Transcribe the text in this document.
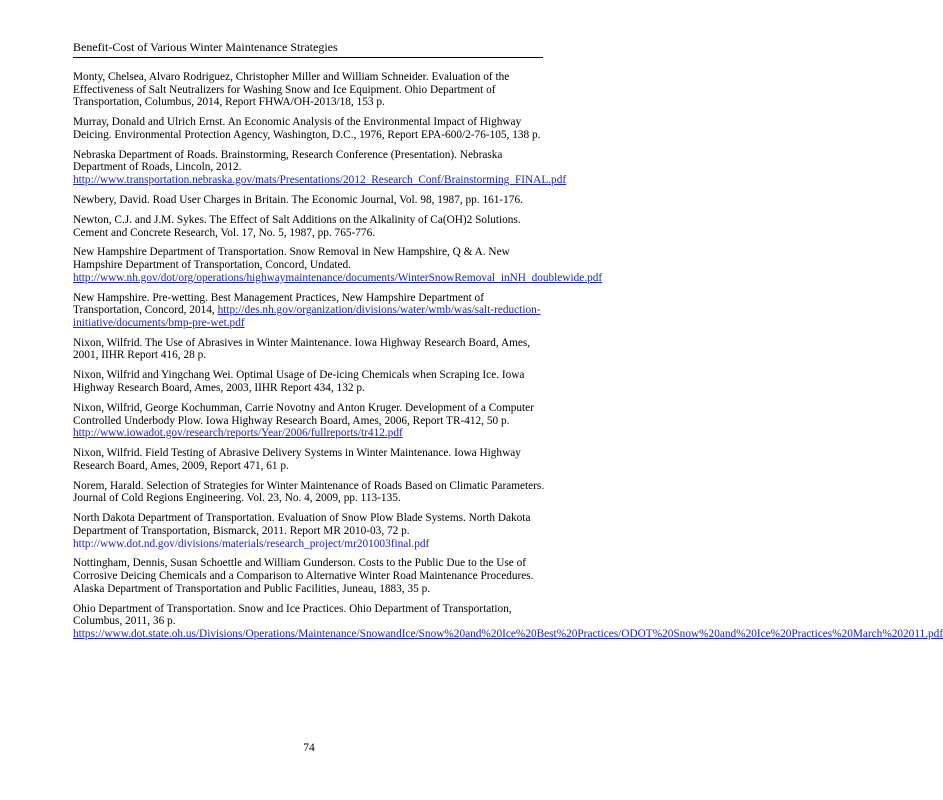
Benefit-Cost of Various Winter Maintenance Strategies

Monty, Chelsea, Alvaro Rodriguez, Christopher Miller and William Schneider. Evaluation of the Effectiveness of Salt Neutralizers for Washing Snow and Ice Equipment. Ohio Department of Transportation, Columbus, 2014, Report FHWA/OH-2013/18, 153 p.

Murray, Donald and Ulrich Ernst. An Economic Analysis of the Environmental Impact of Highway Deicing. Environmental Protection Agency, Washington, D.C., 1976, Report EPA-600/2-76-105, 138 p.

Nebraska Department of Roads. Brainstorming, Research Conference (Presentation). Nebraska Department of Roads, Lincoln, 2012. http://www.transportation.nebraska.gov/mats/Presentations/2012_Research_Conf/Brainstorming_FINAL.pdf

Newbery, David. Road User Charges in Britain. The Economic Journal, Vol. 98, 1987, pp. 161-176.

Newton, C.J. and J.M. Sykes. The Effect of Salt Additions on the Alkalinity of Ca(OH)2 Solutions. Cement and Concrete Research, Vol. 17, No. 5, 1987, pp. 765-776.

New Hampshire Department of Transportation. Snow Removal in New Hampshire, Q & A. New Hampshire Department of Transportation, Concord, Undated. http://www.nh.gov/dot/org/operations/highwaymaintenance/documents/WinterSnowRemoval_inNH_doublewide.pdf

New Hampshire. Pre-wetting. Best Management Practices, New Hampshire Department of Transportation, Concord, 2014, http://des.nh.gov/organization/divisions/water/wmb/was/salt-reduction-initiative/documents/bmp-pre-wet.pdf

Nixon, Wilfrid. The Use of Abrasives in Winter Maintenance. Iowa Highway Research Board, Ames, 2001, IIHR Report 416, 28 p.

Nixon, Wilfrid and Yingchang Wei. Optimal Usage of De-icing Chemicals when Scraping Ice. Iowa Highway Research Board, Ames, 2003, IIHR Report 434, 132 p.

Nixon, Wilfrid, George Kochumman, Carrie Novotny and Anton Kruger. Development of a Computer Controlled Underbody Plow. Iowa Highway Research Board, Ames, 2006, Report TR-412, 50 p. http://www.iowadot.gov/research/reports/Year/2006/fullreports/tr412.pdf

Nixon, Wilfrid. Field Testing of Abrasive Delivery Systems in Winter Maintenance. Iowa Highway Research Board, Ames, 2009, Report 471, 61 p.

Norem, Harald. Selection of Strategies for Winter Maintenance of Roads Based on Climatic Parameters. Journal of Cold Regions Engineering. Vol. 23, No. 4, 2009, pp. 113-135.

North Dakota Department of Transportation. Evaluation of Snow Plow Blade Systems. North Dakota Department of Transportation, Bismarck, 2011. Report MR 2010-03, 72 p. http://www.dot.nd.gov/divisions/materials/research_project/mr201003final.pdf

Nottingham, Dennis, Susan Schoettle and William Gunderson. Costs to the Public Due to the Use of Corrosive Deicing Chemicals and a Comparison to Alternative Winter Road Maintenance Procedures. Alaska Department of Transportation and Public Facilities, Juneau, 1883, 35 p.

Ohio Department of Transportation. Snow and Ice Practices. Ohio Department of Transportation, Columbus, 2011, 36 p. https://www.dot.state.oh.us/Divisions/Operations/Maintenance/SnowandIce/Snow%20and%20Ice%20Best%20Practices/ODOT%20Snow%20and%20Ice%20Practices%20March%202011.pdf

74
